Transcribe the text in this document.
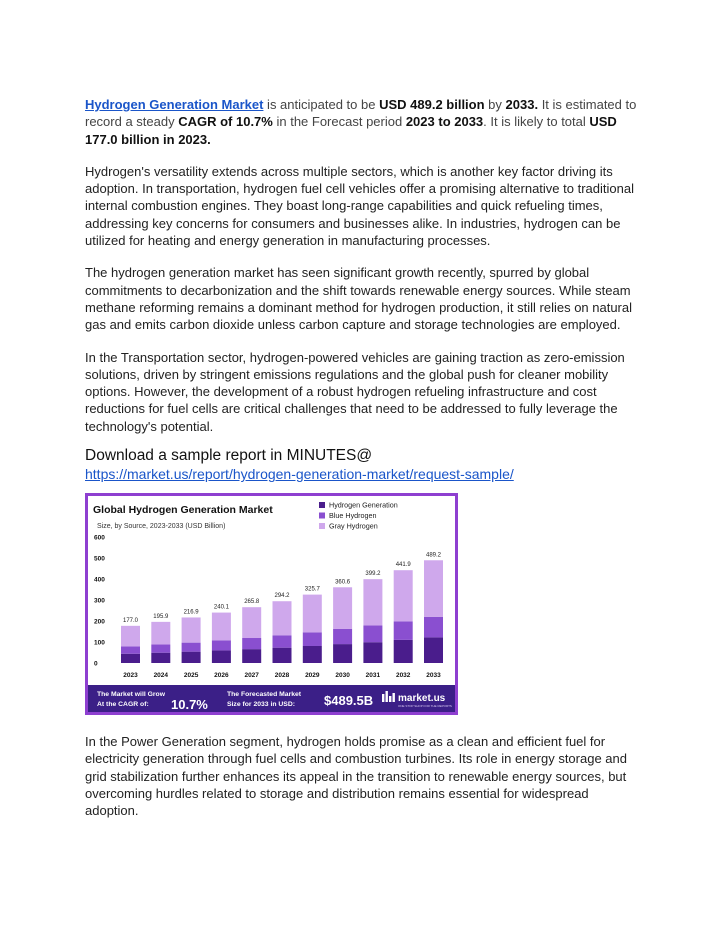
Hydrogen Generation Market is anticipated to be USD 489.2 billion by 2033. It is estimated to record a steady CAGR of 10.7% in the Forecast period 2023 to 2033. It is likely to total USD 177.0 billion in 2023.

Hydrogen's versatility extends across multiple sectors, which is another key factor driving its adoption. In transportation, hydrogen fuel cell vehicles offer a promising alternative to traditional internal combustion engines. They boast long-range capabilities and quick refueling times, addressing key concerns for consumers and businesses alike. In industries, hydrogen can be utilized for heating and energy generation in manufacturing processes.

The hydrogen generation market has seen significant growth recently, spurred by global commitments to decarbonization and the shift towards renewable energy sources. While steam methane reforming remains a dominant method for hydrogen production, it still relies on natural gas and emits carbon dioxide unless carbon capture and storage technologies are employed.

In the Transportation sector, hydrogen-powered vehicles are gaining traction as zero-emission solutions, driven by stringent emissions regulations and the global push for cleaner mobility options. However, the development of a robust hydrogen refueling infrastructure and cost reductions for fuel cells are critical challenges that need to be addressed to fully leverage the technology's potential.

Download a sample report in MINUTES@
https://market.us/report/hydrogen-generation-market/request-sample/
Global Hydrogen Generation Market
Size, by Source, 2023-2033 (USD Billion)
Hydrogen Generation
Blue Hydrogen
Gray Hydrogen
0
100
200
300
400
500
600
177.0
195.9
216.9
240.1
265.8
294.2
325.7
360.6
399.2
441.9
489.2
2023 2024 2025 2026 2027 2028 2029 2030 2031 2032 2033
The Market will Grow
At the CAGR of: 10.7%
The Forecasted Market
Size for 2033 in USD: $489.5B market.us
ONE STOP SHOP FOR THE REPORTS

In the Power Generation segment, hydrogen holds promise as a clean and efficient fuel for electricity generation through fuel cells and combustion turbines. Its role in energy storage and grid stabilization further enhances its appeal in the transition to renewable energy sources, but overcoming hurdles related to storage and distribution remains essential for widespread adoption.
